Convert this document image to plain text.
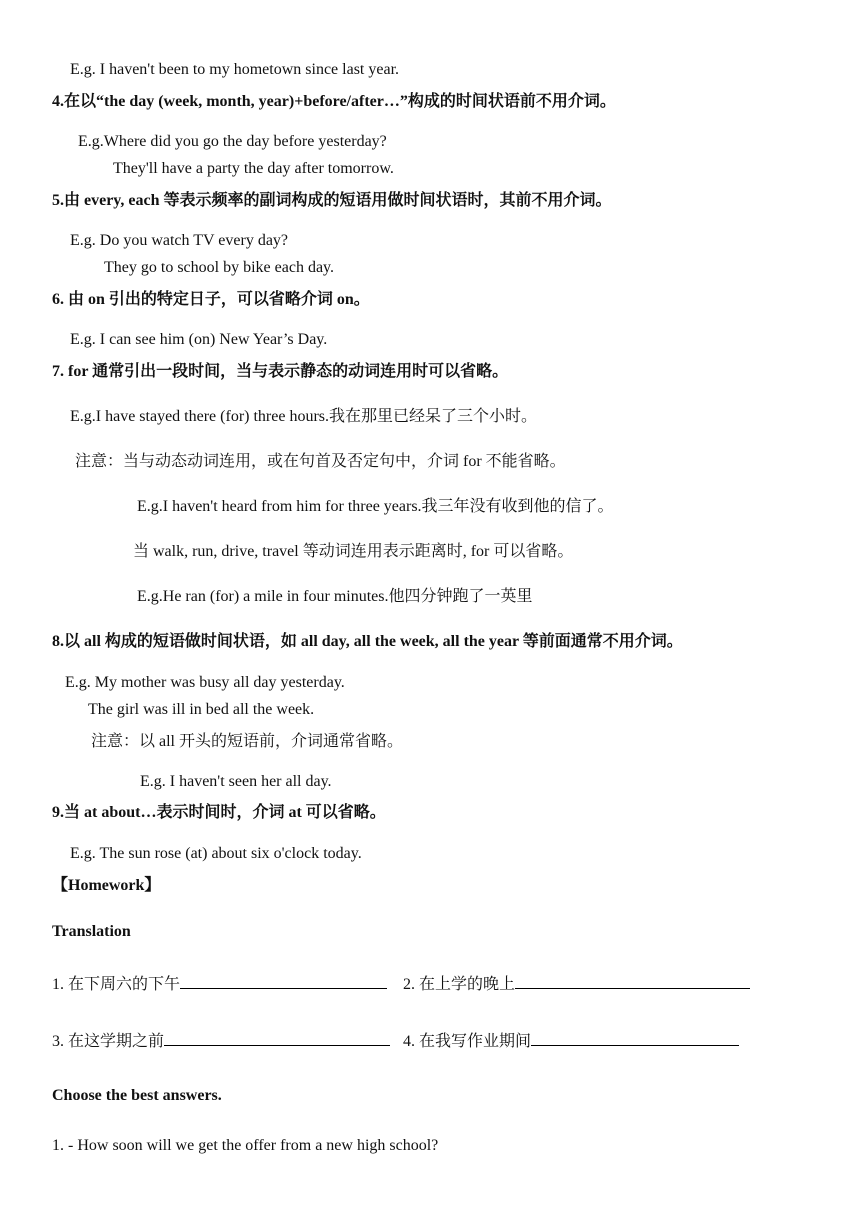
E.g. I haven't been to my hometown since last year.
4.在以“the day (week, month, year)+before/after…”构成的时间状语前不用介词。
E.g.Where did you go the day before yesterday?
They'll have a party the day after tomorrow.
5.由 every, each 等表示频率的副词构成的短语用做时间状语时，其前不用介词。
E.g. Do you watch TV every day?
They go to school by bike each day.
6. 由 on 引出的特定日子，可以省略介词 on。
E.g. I can see him (on) New Year’s Day.
7. for 通常引出一段时间，当与表示静态的动词连用时可以省略。
E.g.I have stayed there (for) three hours.我在那里已经呆了三个小时。
注意：当与动态动词连用，或在句首及否定句中，介词 for 不能省略。
E.g.I haven't heard from him for three years.我三年没有收到他的信了。
当 walk, run, drive, travel 等动词连用表示距离时, for 可以省略。
E.g.He ran (for) a mile in four minutes.他四分钟跑了一英里
8.以 all 构成的短语做时间状语，如 all day, all the week, all the year 等前面通常不用介词。
E.g. My mother was busy all day yesterday.
The girl was ill in bed all the week.
注意：以 all 开头的短语前，介词通常省略。
E.g. I haven't seen her all day.
9.当 at about…表示时间时，介词 at 可以省略。
E.g. The sun rose (at) about six o'clock today.
【Homework】
Translation
1. 在下周六的下午	2. 在上学的晚上
3. 在这学期之前	4. 在我写作业期间
Choose the best answers.
1. - How soon will we get the offer from a new high school?
